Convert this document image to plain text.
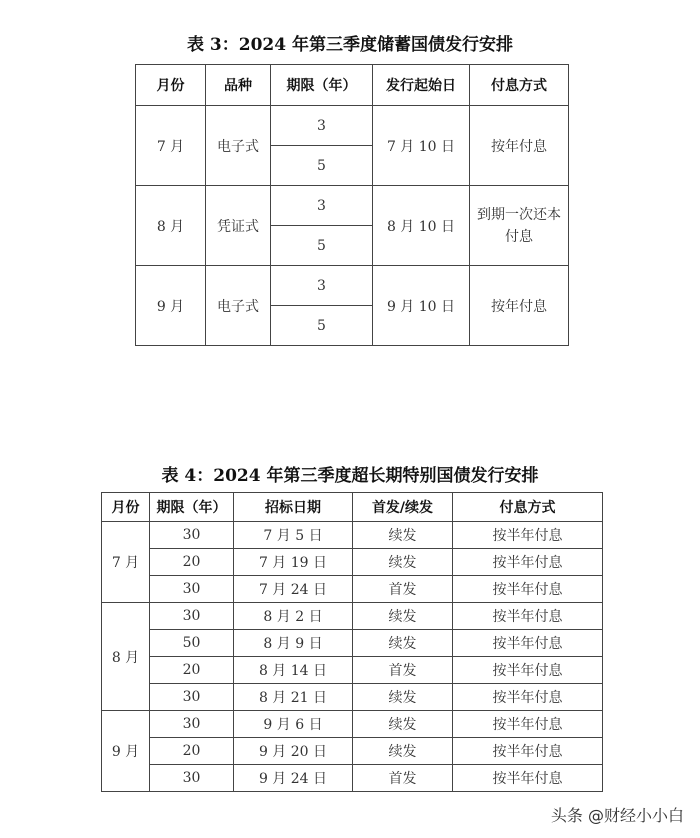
表 3：2024 年第三季度储蓄国债发行安排
月份	品种	期限（年）	发行起始日	付息方式
7 月	电子式	3	7 月 10 日	按年付息
		5		
8 月	凭证式	3	8 月 10 日	到期一次还本付息
		5		
9 月	电子式	3	9 月 10 日	按年付息
		5		
表 4：2024 年第三季度超长期特别国债发行安排
月份	期限（年）	招标日期	首发/续发	付息方式
7 月	30	7 月 5 日	续发	按半年付息
	20	7 月 19 日	续发	按半年付息
	30	7 月 24 日	首发	按半年付息
8 月	30	8 月 2 日	续发	按半年付息
	50	8 月 9 日	续发	按半年付息
	20	8 月 14 日	首发	按半年付息
	30	8 月 21 日	续发	按半年付息
9 月	30	9 月 6 日	续发	按半年付息
	20	9 月 20 日	续发	按半年付息
	30	9 月 24 日	首发	按半年付息
头条 @财经小小白
